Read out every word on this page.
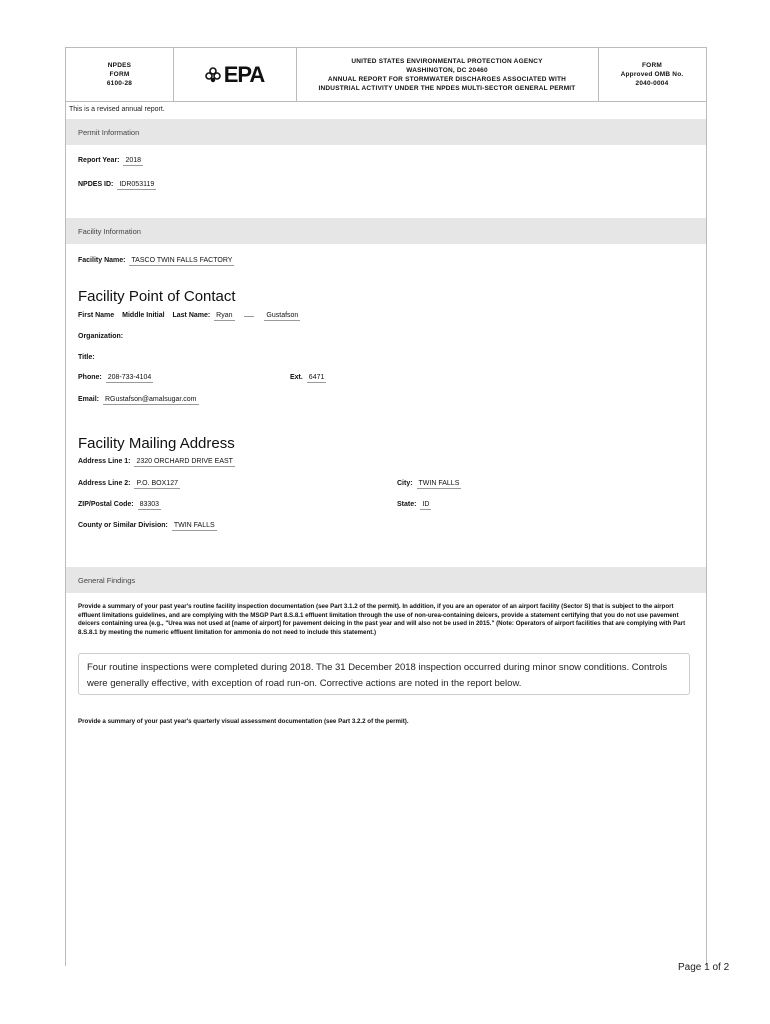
NPDES
FORM
6100-28	EPA
UNITED STATES ENVIRONMENTAL PROTECTION AGENCY
WASHINGTON, DC 20460
ANNUAL REPORT FOR STORMWATER DISCHARGES ASSOCIATED WITH
INDUSTRIAL ACTIVITY UNDER THE NPDES MULTI-SECTOR GENERAL PERMIT
FORM
Approved OMB No.
2040-0004
This is a revised annual report.
Permit Information
Report Year: 2018
NPDES ID: IDR053119
Facility Information
Facility Name: TASCO TWIN FALLS FACTORY
Facility Point of Contact
First Name Middle Initial Last Name: Ryan	Gustafson
Organization:
Title:
Phone: 208-733-4104	Ext. 6471
Email: RGustafson@amalsugar.com
Facility Mailing Address
Address Line 1: 2320 ORCHARD DRIVE EAST
Address Line 2: P.O. BOX127	City: TWIN FALLS
ZIP/Postal Code: 83303	State: ID
County or Similar Division: TWIN FALLS
General Findings
Provide a summary of your past year's routine facility inspection documentation (see Part 3.1.2 of the permit). In addition, if you are an operator of an airport facility (Sector S) that is subject to the airport effluent limitations guidelines, and are complying with the MSGP Part 8.S.8.1 effluent limitation through the use of non-urea-containing deicers, provide a statement certifying that you do not use pavement deicers containing urea (e.g., "Urea was not used at [name of airport] for pavement deicing in the past year and will also not be used in 2015." (Note: Operators of airport facilities that are complying with Part 8.S.8.1 by meeting the numeric effluent limitation for ammonia do not need to include this statement.)
Four routine inspections were completed during 2018. The 31 December 2018 inspection occurred during minor snow conditions. Controls were generally effective, with exception of road run-on. Corrective actions are noted in the report below.
Provide a summary of your past year's quarterly visual assessment documentation (see Part 3.2.2 of the permit).
Page 1 of 2
